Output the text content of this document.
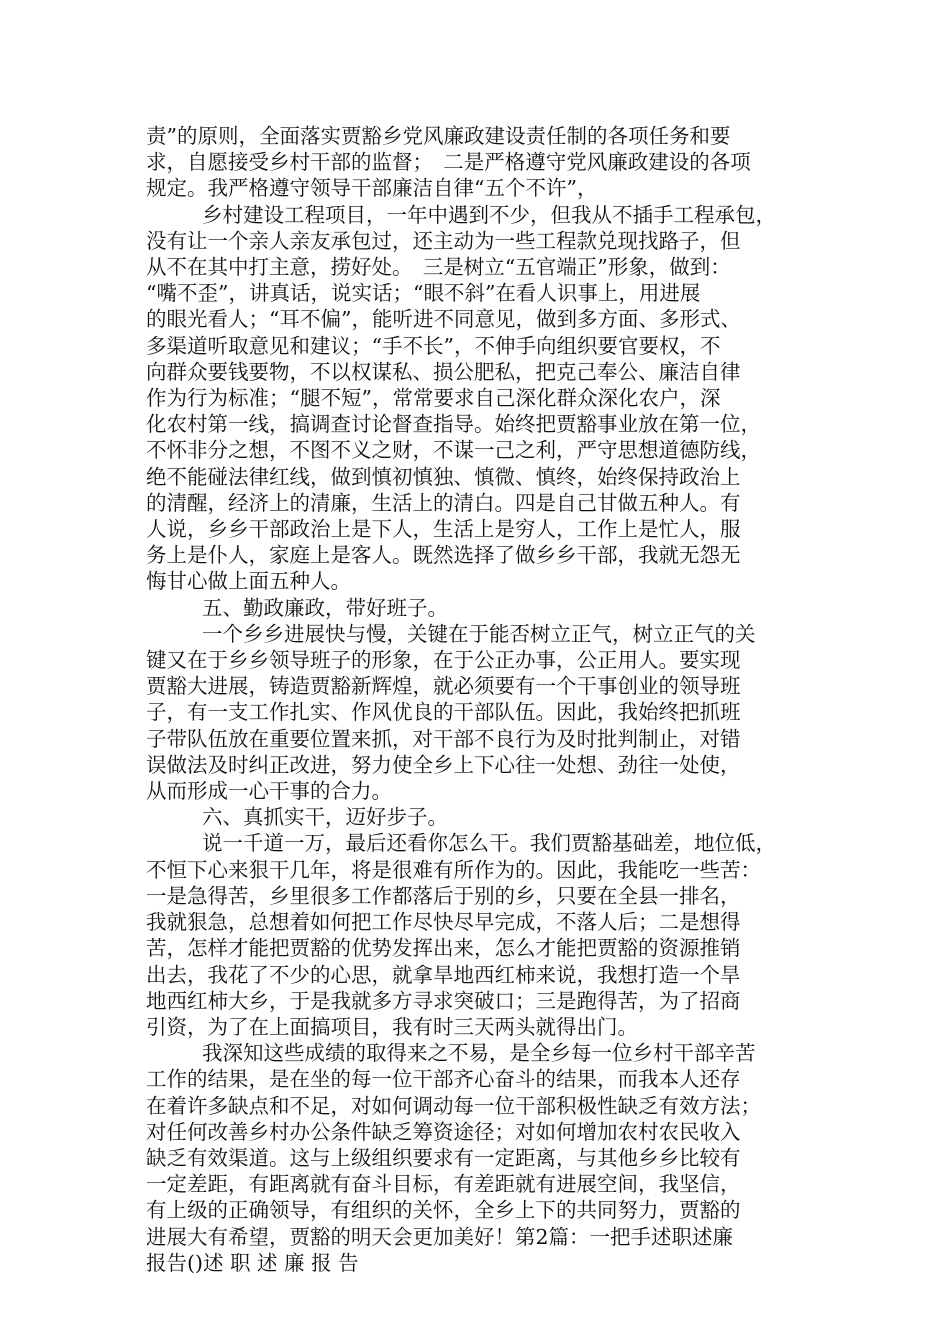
责”的原则，全面落实贾豁乡党风廉政建设责任制的各项任务和要
求，自愿接受乡村干部的监督；　二是严格遵守党风廉政建设的各项
规定。我严格遵守领导干部廉洁自律“五个不许”，
乡村建设工程项目，一年中遇到不少，但我从不插手工程承包，
没有让一个亲人亲友承包过，还主动为一些工程款兑现找路子，但
从不在其中打主意，捞好处。　三是树立“五官端正”形象，做到：
“嘴不歪”，讲真话，说实话；“眼不斜”在看人识事上，用进展
的眼光看人；“耳不偏”，能听进不同意见，做到多方面、多形式、
多渠道听取意见和建议；“手不长”，不伸手向组织要官要权，不
向群众要钱要物，不以权谋私、损公肥私，把克己奉公、廉洁自律
作为行为标准；“腿不短”，常常要求自己深化群众深化农户，深
化农村第一线，搞调查讨论督查指导。始终把贾豁事业放在第一位，
不怀非分之想，不图不义之财，不谋一己之利，严守思想道德防线，
绝不能碰法律红线，做到慎初慎独、慎微、慎终，始终保持政治上
的清醒，经济上的清廉，生活上的清白。四是自己甘做五种人。有
人说，乡乡干部政治上是下人，生活上是穷人，工作上是忙人，服
务上是仆人，家庭上是客人。既然选择了做乡乡干部，我就无怨无
悔甘心做上面五种人。
五、勤政廉政，带好班子。
一个乡乡进展快与慢，关键在于能否树立正气，树立正气的关
键又在于乡乡领导班子的形象，在于公正办事，公正用人。要实现
贾豁大进展，铸造贾豁新辉煌，就必须要有一个干事创业的领导班
子，有一支工作扎实、作风优良的干部队伍。因此，我始终把抓班
子带队伍放在重要位置来抓，对干部不良行为及时批判制止，对错
误做法及时纠正改进，努力使全乡上下心往一处想、劲往一处使，
从而形成一心干事的合力。
六、真抓实干，迈好步子。
说一千道一万，最后还看你怎么干。我们贾豁基础差，地位低，
不恒下心来狠干几年，将是很难有所作为的。因此，我能吃一些苦：
一是急得苦，乡里很多工作都落后于别的乡，只要在全县一排名，
我就狠急，总想着如何把工作尽快尽早完成，不落人后；二是想得
苦，怎样才能把贾豁的优势发挥出来，怎么才能把贾豁的资源推销
出去，我花了不少的心思，就拿旱地西红柿来说，我想打造一个旱
地西红柿大乡，于是我就多方寻求突破口；三是跑得苦，为了招商
引资，为了在上面搞项目，我有时三天两头就得出门。
我深知这些成绩的取得来之不易，是全乡每一位乡村干部辛苦
工作的结果，是在坐的每一位干部齐心奋斗的结果，而我本人还存
在着许多缺点和不足，对如何调动每一位干部积极性缺乏有效方法；
对任何改善乡村办公条件缺乏筹资途径；对如何增加农村农民收入
缺乏有效渠道。这与上级组织要求有一定距离，与其他乡乡比较有
一定差距，有距离就有奋斗目标，有差距就有进展空间，我坚信，
有上级的正确领导，有组织的关怀，全乡上下的共同努力，贾豁的
进展大有希望，贾豁的明天会更加美好！第2篇：一把手述职述廉
报告()述 职 述 廉 报 告
